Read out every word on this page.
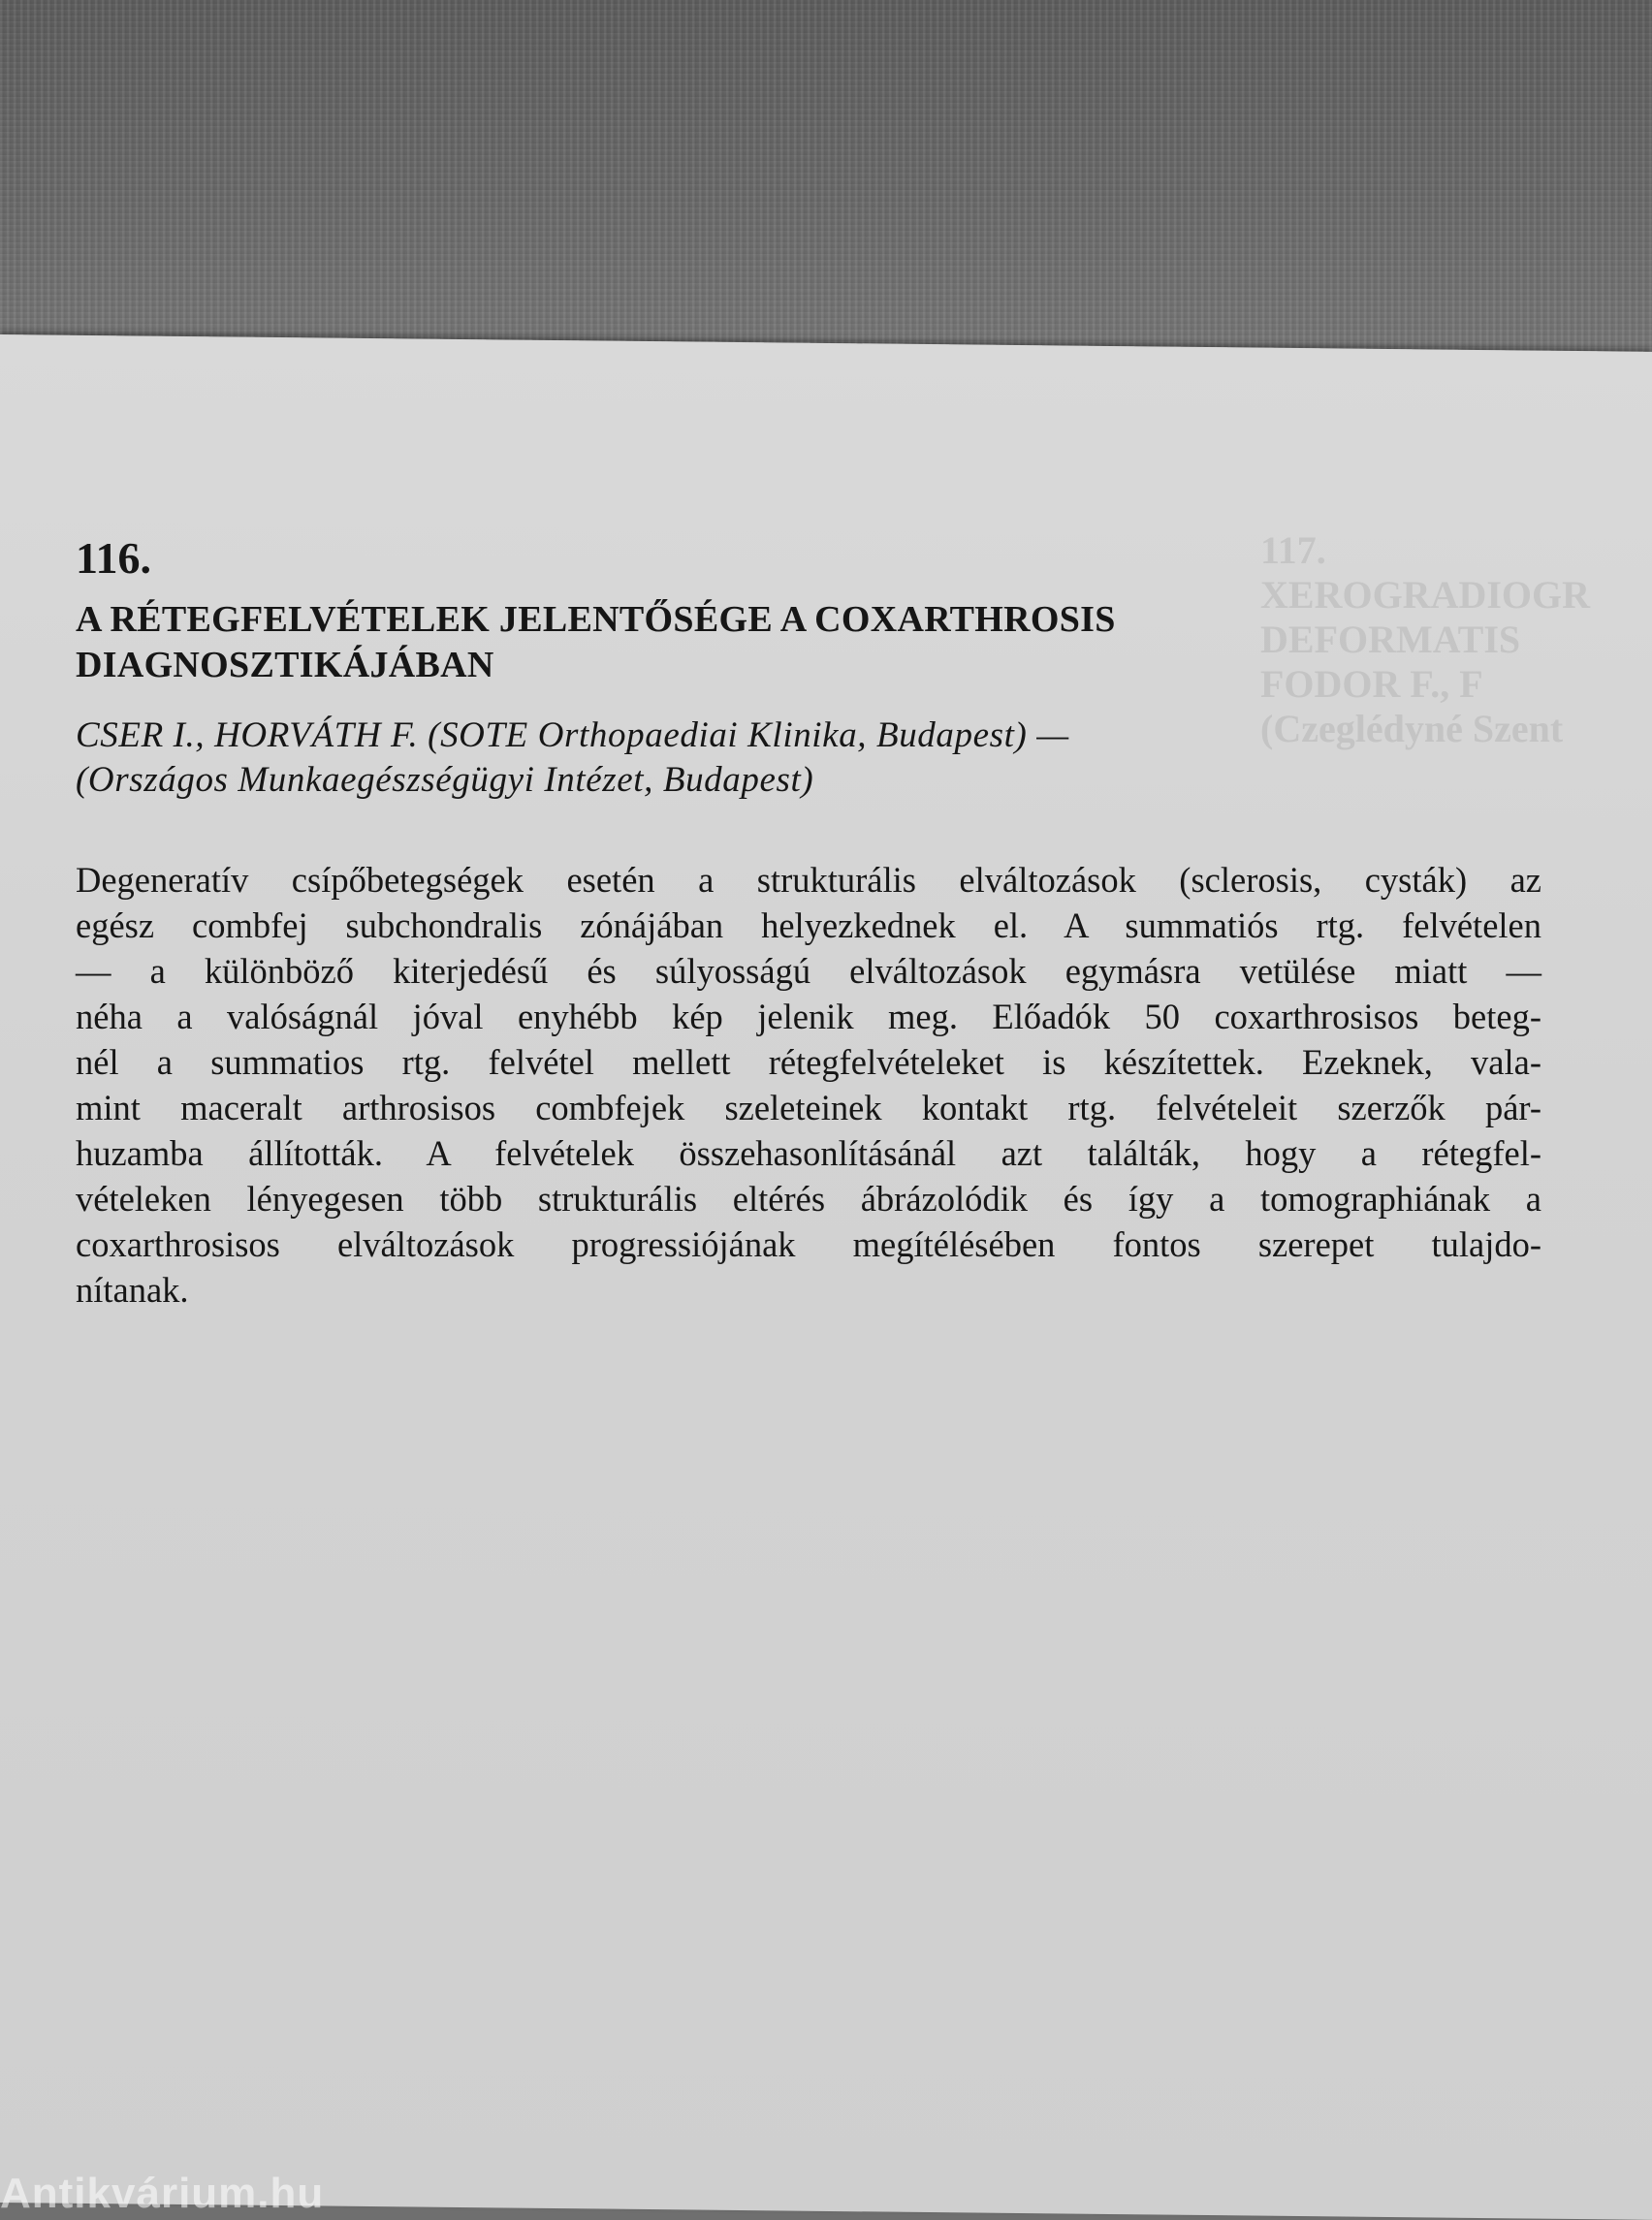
117.
XEROGRADIOGR
DEFORMATIS
FODOR F., F
(Czeglédyné Szent
116.
A RÉTEGFELVÉTELEK JELENTŐSÉGE A COXARTHROSIS
DIAGNOSZTIKÁJÁBAN
CSER I., HORVÁTH F. (SOTE Orthopaediai Klinika, Budapest) —
(Országos Munkaegészségügyi Intézet, Budapest)
Degeneratív csípőbetegségek esetén a strukturális elváltozások (sclerosis, cysták) az
egész combfej subchondralis zónájában helyezkednek el. A summatiós rtg. felvételen
— a különböző kiterjedésű és súlyosságú elváltozások egymásra vetülése miatt —
néha a valóságnál jóval enyhébb kép jelenik meg. Előadók 50 coxarthrosisos beteg-
nél a summatios rtg. felvétel mellett rétegfelvételeket is készítettek. Ezeknek, vala-
mint maceralt arthrosisos combfejek szeleteinek kontakt rtg. felvételeit szerzők pár-
huzamba állították. A felvételek összehasonlításánál azt találták, hogy a rétegfel-
vételeken lényegesen több strukturális eltérés ábrázolódik és így a tomographiának a
coxarthrosisos elváltozások progressiójának megítélésében fontos szerepet tulajdo-
nítanak.
Antikvárium.hu
